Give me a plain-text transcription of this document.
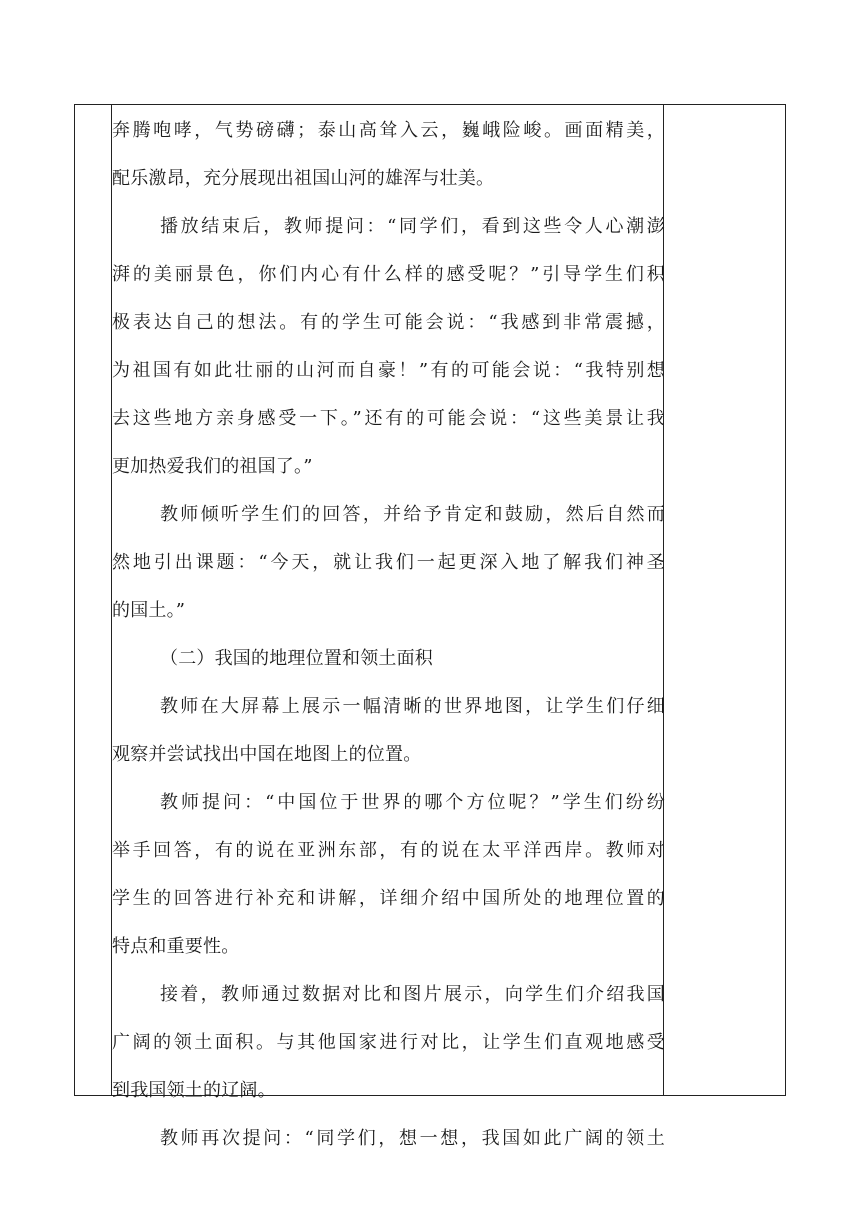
奔腾咆哮，气势磅礴；泰山高耸入云，巍峨险峻。画面精美，
配乐激昂，充分展现出祖国山河的雄浑与壮美。
播放结束后，教师提问：“同学们，看到这些令人心潮澎
湃的美丽景色，你们内心有什么样的感受呢？”引导学生们积
极表达自己的想法。有的学生可能会说：“我感到非常震撼，
为祖国有如此壮丽的山河而自豪！”有的可能会说：“我特别想
去这些地方亲身感受一下。”还有的可能会说：“这些美景让我
更加热爱我们的祖国了。”
教师倾听学生们的回答，并给予肯定和鼓励，然后自然而
然地引出课题：“今天，就让我们一起更深入地了解我们神圣
的国土。”
（二）我国的地理位置和领土面积
教师在大屏幕上展示一幅清晰的世界地图，让学生们仔细
观察并尝试找出中国在地图上的位置。
教师提问：“中国位于世界的哪个方位呢？”学生们纷纷
举手回答，有的说在亚洲东部，有的说在太平洋西岸。教师对
学生的回答进行补充和讲解，详细介绍中国所处的地理位置的
特点和重要性。
接着，教师通过数据对比和图片展示，向学生们介绍我国
广阔的领土面积。与其他国家进行对比，让学生们直观地感受
到我国领土的辽阔。
教师再次提问：“同学们，想一想，我国如此广阔的领土
